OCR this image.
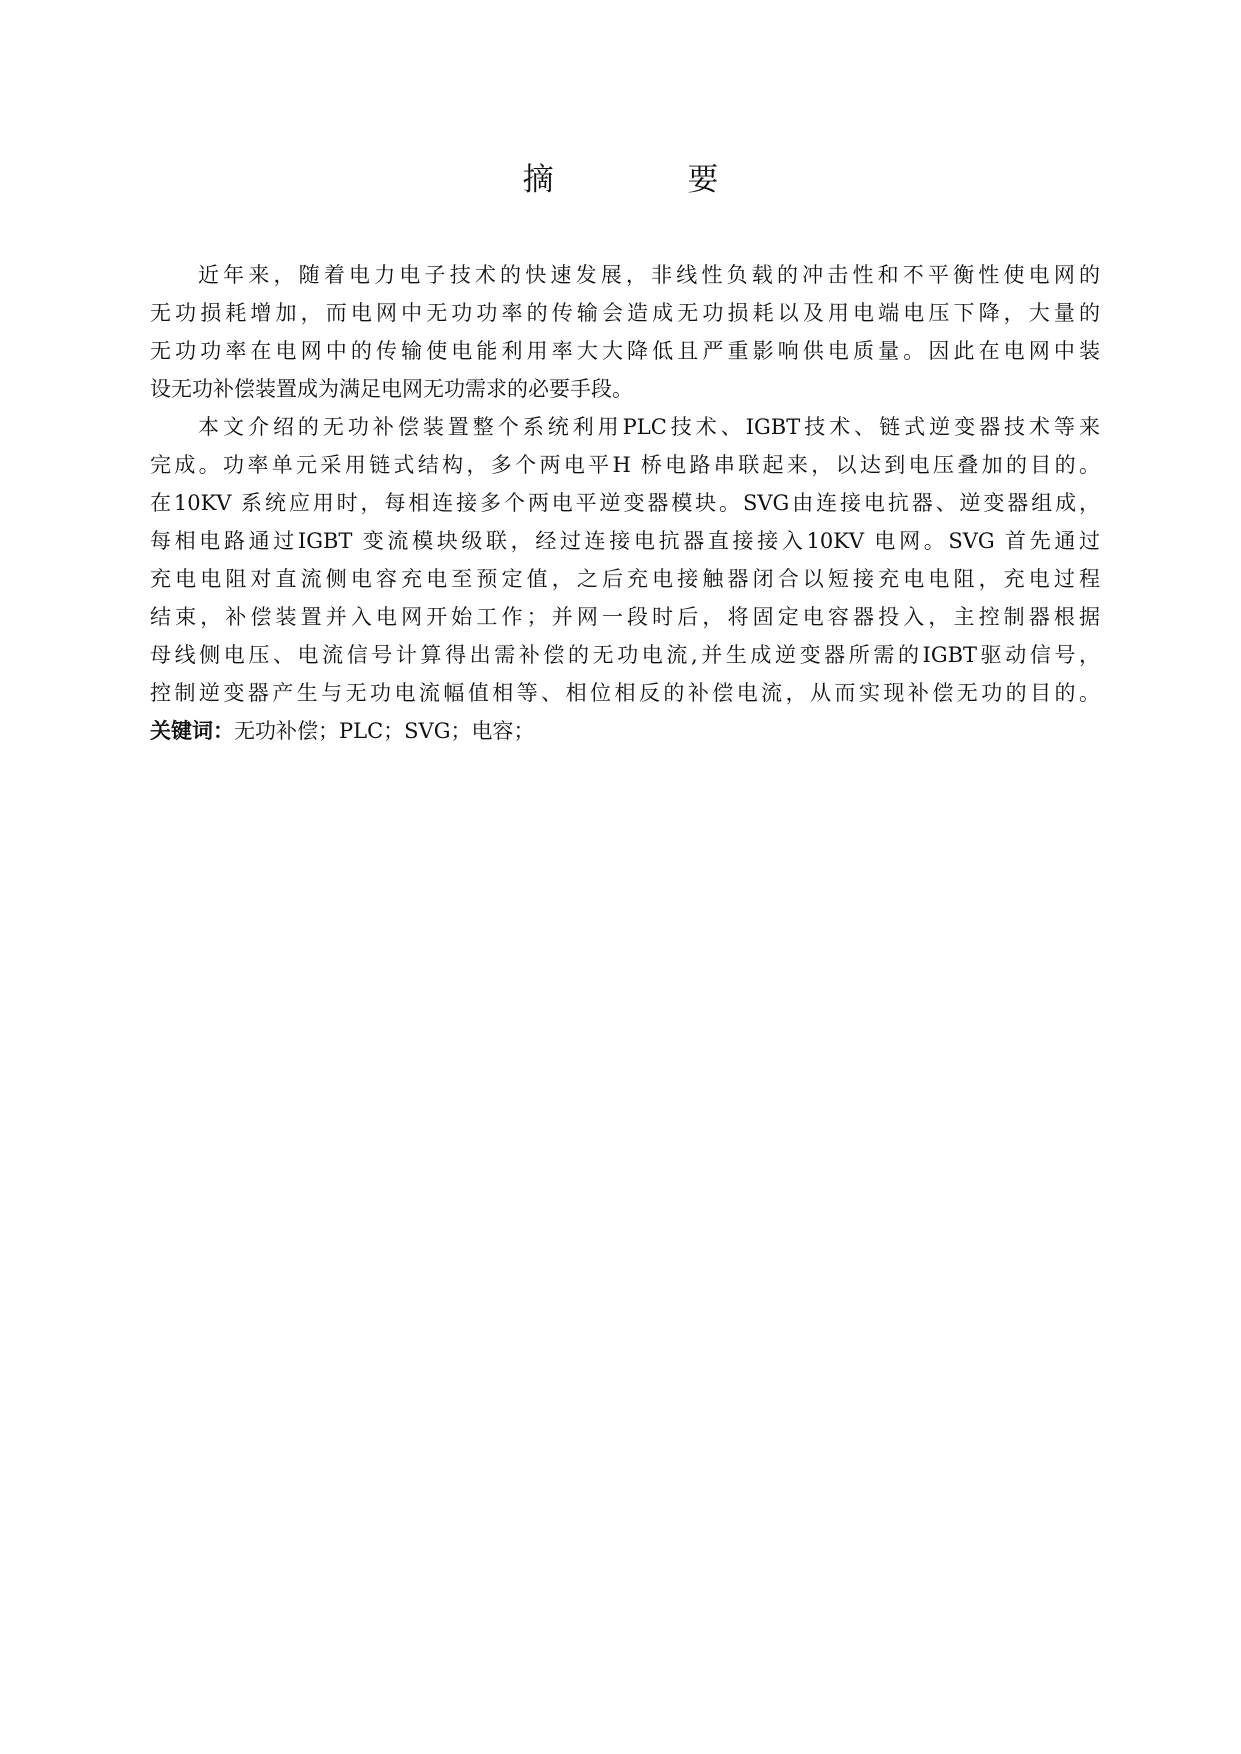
摘  要
近年来，随着电力电子技术的快速发展，非线性负载的冲击性和不平衡性使电网的
无功损耗增加，而电网中无功功率的传输会造成无功损耗以及用电端电压下降，大量的
无功功率在电网中的传输使电能利用率大大降低且严重影响供电质量。因此在电网中装
设无功补偿装置成为满足电网无功需求的必要手段。
本文介绍的无功补偿装置整个系统利用PLC技术、IGBT技术、链式逆变器技术等来
完成。功率单元采用链式结构，多个两电平H 桥电路串联起来，以达到电压叠加的目的。
在10KV 系统应用时，每相连接多个两电平逆变器模块。SVG由连接电抗器、逆变器组成，
每相电路通过IGBT 变流模块级联，经过连接电抗器直接接入10KV 电网。SVG 首先通过
充电电阻对直流侧电容充电至预定值，之后充电接触器闭合以短接充电电阻，充电过程
结束，补偿装置并入电网开始工作；并网一段时后，将固定电容器投入，主控制器根据
母线侧电压、电流信号计算得出需补偿的无功电流,并生成逆变器所需的IGBT驱动信号，
控制逆变器产生与无功电流幅值相等、相位相反的补偿电流，从而实现补偿无功的目的。
关键词：无功补偿；PLC；SVG；电容；
